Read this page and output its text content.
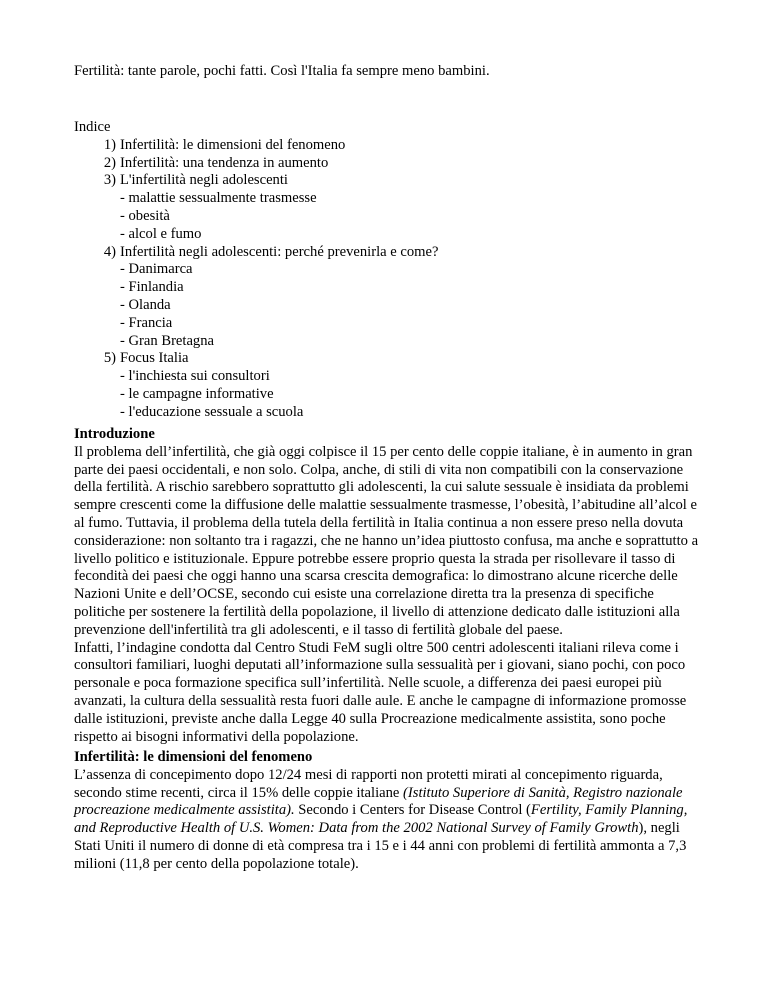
Fertilità: tante parole, pochi fatti. Così l'Italia fa sempre meno bambini.
Indice
1) Infertilità: le dimensioni del fenomeno
2) Infertilità: una tendenza in aumento
3) L'infertilità negli adolescenti
- malattie sessualmente trasmesse
- obesità
- alcol e fumo
4) Infertilità negli adolescenti: perché prevenirla e come?
- Danimarca
- Finlandia
- Olanda
- Francia
- Gran Bretagna
5) Focus Italia
- l'inchiesta sui consultori
- le campagne informative
- l'educazione sessuale a scuola
Introduzione

Il problema dell’infertilità, che già oggi colpisce il 15 per cento delle coppie italiane, è in aumento in gran parte dei paesi occidentali, e non solo. Colpa, anche, di stili di vita non compatibili con la conservazione della fertilità. A rischio sarebbero soprattutto gli adolescenti, la cui salute sessuale è insidiata da problemi sempre crescenti come la diffusione delle malattie sessualmente trasmesse, l’obesità, l’abitudine all’alcol e al fumo. Tuttavia, il problema della tutela della fertilità in Italia continua a non essere preso nella dovuta considerazione: non soltanto tra i ragazzi, che ne hanno un’idea piuttosto confusa, ma anche e soprattutto a livello politico e istituzionale. Eppure potrebbe essere proprio questa la strada per risollevare il tasso di fecondità dei paesi che oggi hanno una scarsa crescita demografica: lo dimostrano alcune ricerche delle Nazioni Unite e dell’OCSE, secondo cui esiste una correlazione diretta tra la presenza di specifiche politiche per sostenere la fertilità della popolazione, il livello di attenzione dedicato dalle istituzioni alla prevenzione dell'infertilità tra gli adolescenti, e il tasso di fertilità globale del paese.

Infatti, l’indagine condotta dal Centro Studi FeM sugli oltre 500 centri adolescenti italiani rileva come i consultori familiari, luoghi deputati all’informazione sulla sessualità per i giovani, siano pochi, con poco personale e poca formazione specifica sull’infertilità. Nelle scuole, a differenza dei paesi europei più avanzati, la cultura della sessualità resta fuori dalle aule. E anche le campagne di informazione promosse dalle istituzioni, previste anche dalla Legge 40 sulla Procreazione medicalmente assistita, sono poche rispetto ai bisogni informativi della popolazione.

Infertilità: le dimensioni del fenomeno

L’assenza di concepimento dopo 12/24 mesi di rapporti non protetti mirati al concepimento riguarda, secondo stime recenti, circa il 15% delle coppie italiane (Istituto Superiore di Sanità, Registro nazionale procreazione medicalmente assistita). Secondo i Centers for Disease Control (Fertility, Family Planning, and Reproductive Health of U.S. Women: Data from the 2002 National Survey of Family Growth), negli Stati Uniti il numero di donne di età compresa tra i 15 e i 44 anni con problemi di fertilità ammonta a 7,3 milioni (11,8 per cento della popolazione totale).
